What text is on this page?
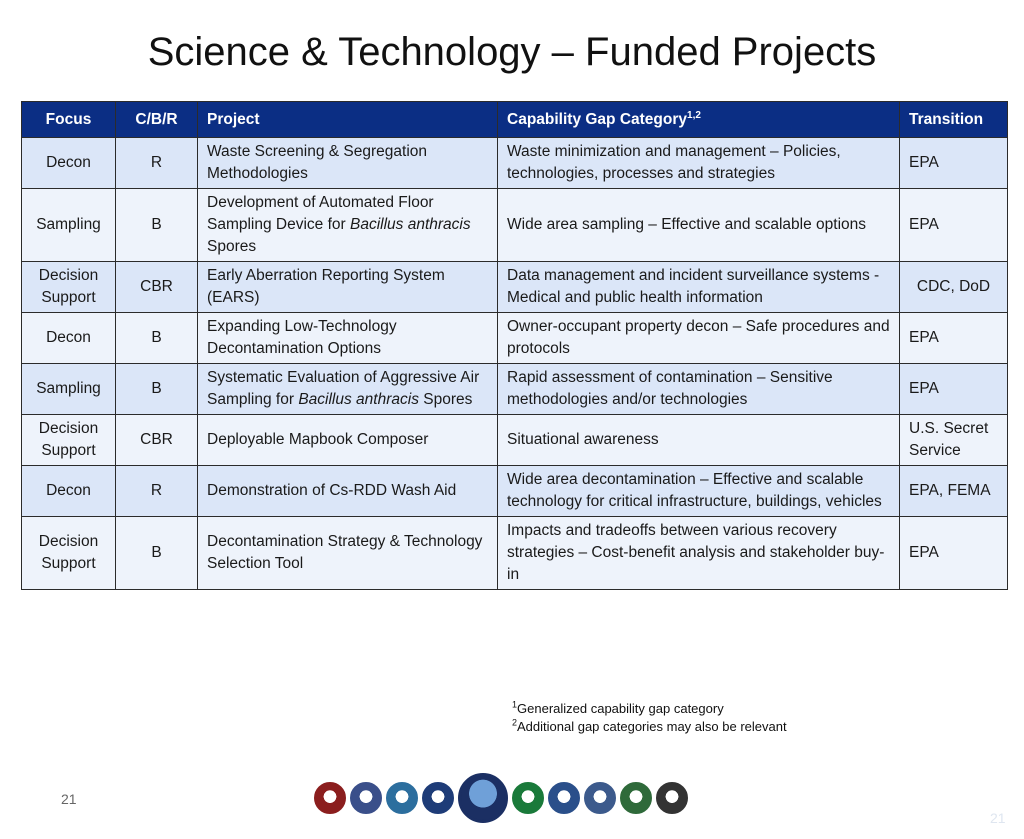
Science & Technology – Funded Projects
Focus	C/B/R	Project	Capability Gap Category$^{1,2}$	Transition
Decon	R	Waste Screening & Segregation Methodologies	Waste minimization and management – Policies, technologies, processes and strategies	EPA
Sampling	B	Development of Automated Floor Sampling Device for Bacillus anthracis Spores	Wide area sampling – Effective and scalable options	EPA
Decision Support	CBR	Early Aberration Reporting System (EARS)	Data management and incident surveillance systems - Medical and public health information	CDC, DoD
Decon	B	Expanding Low-Technology Decontamination Options	Owner-occupant property decon – Safe procedures and protocols	EPA
Sampling	B	Systematic Evaluation of Aggressive Air Sampling for Bacillus anthracis Spores	Rapid assessment of contamination – Sensitive methodologies and/or technologies	EPA
Decision Support	CBR	Deployable Mapbook Composer	Situational awareness	U.S. Secret Service
Decon	R	Demonstration of Cs-RDD Wash Aid	Wide area decontamination – Effective and scalable technology for critical infrastructure, buildings, vehicles	EPA, FEMA
Decision Support	B	Decontamination Strategy & Technology Selection Tool	Impacts and tradeoffs between various recovery strategies – Cost-benefit analysis and stakeholder buy-in	EPA
$^1$Generalized capability gap category
$^2$Additional gap categories may also be relevant
21
21
